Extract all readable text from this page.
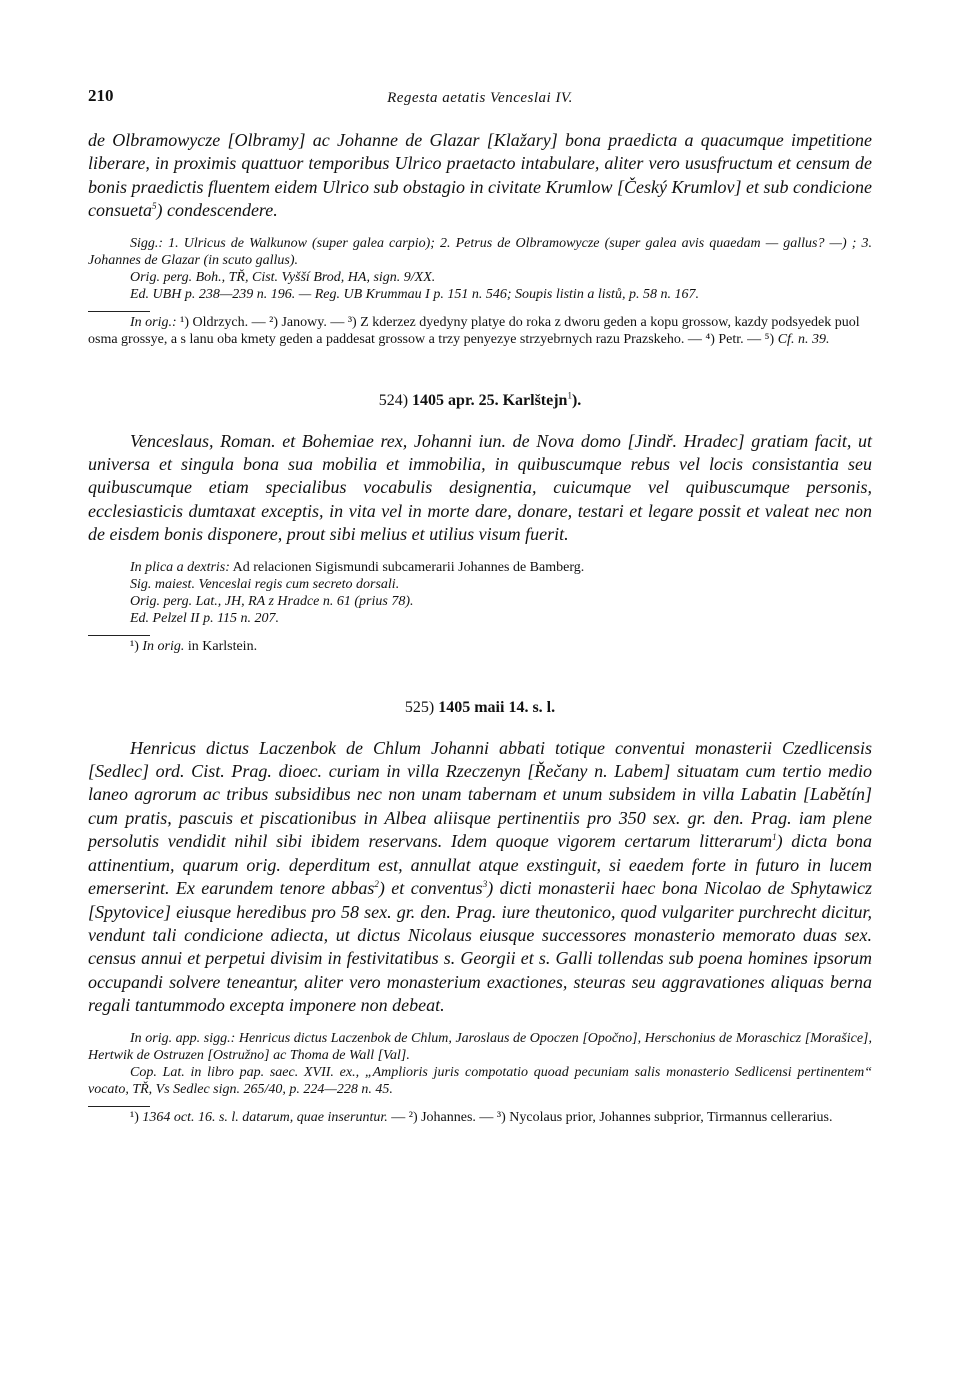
210	Regesta aetatis Venceslai IV.

de Olbramowycze [Olbramy] ac Johanne de Glazar [Klažary] bona praedicta a quacumque impetitione liberare, in proximis quattuor temporibus Ulrico praetacto intabulare, aliter vero ususfructum et censum de bonis praedictis fluentem eidem Ulrico sub obstagio in civitate Krumlow [Český Krumlov] et sub condicione consueta$^5$) condescendere.

Sigg.: 1. Ulricus de Walkunow (super galea carpio); 2. Petrus de Olbramowycze (super galea avis quaedam — gallus? —) ; 3. Johannes de Glazar (in scuto gallus).

Orig. perg. Boh., TŘ, Cist. Vyšší Brod, HA, sign. 9/XX.

Ed. UBH p. 238—239 n. 196. — Reg. UB Krummau I p. 151 n. 546; Soupis listin a listů, p. 58 n. 167.

In orig.: ¹) Oldrzych. — ²) Janowy. — ³) Z kderzez dyedyny platye do roka z dworu geden a kopu grossow, kazdy podsyedek puol osma grossye, a s lanu oba kmety geden a paddesat grossow a trzy penyezye strzyebrnych razu Prazskeho. — ⁴) Petr. — ⁵) Cf. n. 39.

524) 1405 apr. 25. Karlštejn$^1$).

Venceslaus, Roman. et Bohemiae rex, Johanni iun. de Nova domo [Jindř. Hradec] gratiam facit, ut universa et singula bona sua mobilia et immobilia, in quibuscumque rebus vel locis consistantia seu quibuscumque etiam specialibus vocabulis designentia, cuicumque vel quibuscumque personis, ecclesiasticis dumtaxat exceptis, in vita vel in morte dare, donare, testari et legare possit et valeat nec non de eisdem bonis disponere, prout sibi melius et utilius visum fuerit.

In plica a dextris: Ad relacionen Sigismundi subcamerarii Johannes de Bamberg.

Sig. maiest. Venceslai regis cum secreto dorsali.

Orig. perg. Lat., JH, RA z Hradce n. 61 (prius 78).

Ed. Pelzel II p. 115 n. 207.

¹) In orig. in Karlstein.

525) 1405 maii 14. s. l.

Henricus dictus Laczenbok de Chlum Johanni abbati totique conventui monasterii Czedlicensis [Sedlec] ord. Cist. Prag. dioec. curiam in villa Rzeczenyn [Řečany n. Labem] situatam cum tertio medio laneo agrorum ac tribus subsidibus nec non unam tabernam et unum subsidem in villa Labatin [Labětín] cum pratis, pascuis et piscationibus in Albea aliisque pertinentiis pro 350 sex. gr. den. Prag. iam plene persolutis vendidit nihil sibi ibidem reservans. Idem quoque vigorem certarum litterarum$^1$) dicta bona attinentium, quarum orig. deperditum est, annullat atque exstinguit, si eaedem forte in futuro in lucem emerserint. Ex earundem tenore abbas$^2$) et conventus$^3$) dicti monasterii haec bona Nicolao de Sphytawicz [Spytovice] eiusque heredibus pro 58 sex. gr. den. Prag. iure theutonico, quod vulgariter purchrecht dicitur, vendunt tali condicione adiecta, ut dictus Nicolaus eiusque successores monasterio memorato duas sex. census annui et perpetui divisim in festivitatibus s. Georgii et s. Galli tollendas sub poena homines ipsorum occupandi solvere teneantur, aliter vero monasterium exactiones, steuras seu aggravationes aliquas berna regali tantummodo excepta imponere non debeat.

In orig. app. sigg.: Henricus dictus Laczenbok de Chlum, Jaroslaus de Opoczen [Opočno], Herschonius de Moraschicz [Morašice], Hertwik de Ostruzen [Ostružno] ac Thoma de Wall [Val].

Cop. Lat. in libro pap. saec. XVII. ex., „Amplioris juris compotatio quoad pecuniam salis monasterio Sedlicensi pertinentem“ vocato, TŘ, Vs Sedlec sign. 265/40, p. 224—228 n. 45.

¹) 1364 oct. 16. s. l. datarum, quae inseruntur. — ²) Johannes. — ³) Nycolaus prior, Johannes subprior, Tirmannus cellerarius.
